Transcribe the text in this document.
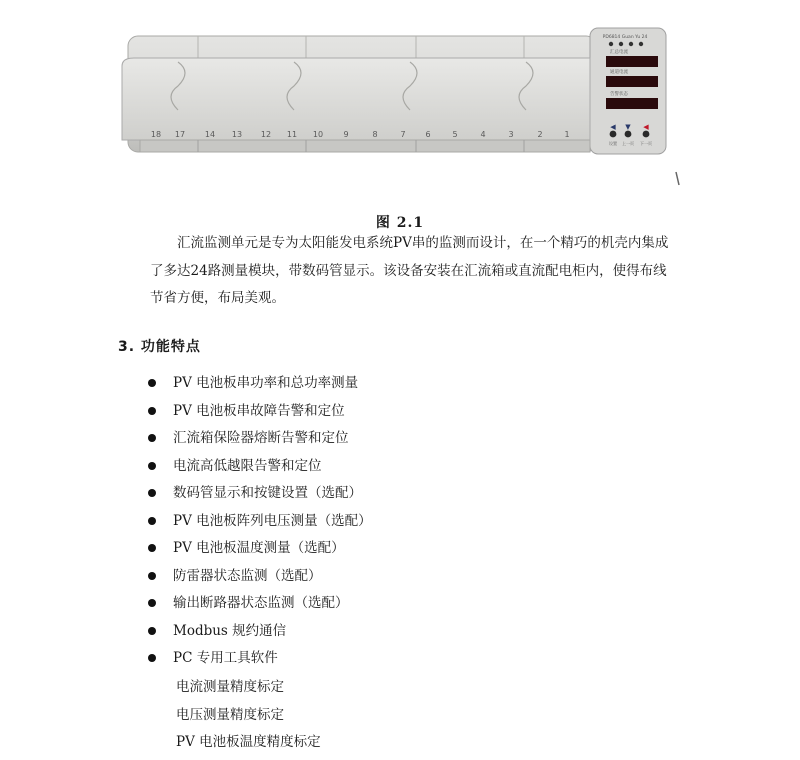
18 17 14 13 12 11 10	9	8	7 6	5	4	3	2	1
PD6814 Guan Yu 24
汇总电流
通道电流
告警状态
◀
设置
▼
上一页
◀
下一页
图 2.1
汇流监测单元是专为太阳能发电系统PV串的监测而设计，在一个精巧的机壳内集成
了多达24路测量模块，带数码管显示。该设备安装在汇流箱或直流配电柜内，使得布线
节省方便，布局美观。
3. 功能特点
PV 电池板串功率和总功率测量
PV 电池板串故障告警和定位
汇流箱保险器熔断告警和定位
电流高低越限告警和定位
数码管显示和按键设置（选配）
PV 电池板阵列电压测量（选配）
PV 电池板温度测量（选配）
防雷器状态监测（选配）
输出断路器状态监测（选配）
Modbus 规约通信
PC 专用工具软件
电流测量精度标定
电压测量精度标定
PV 电池板温度精度标定
